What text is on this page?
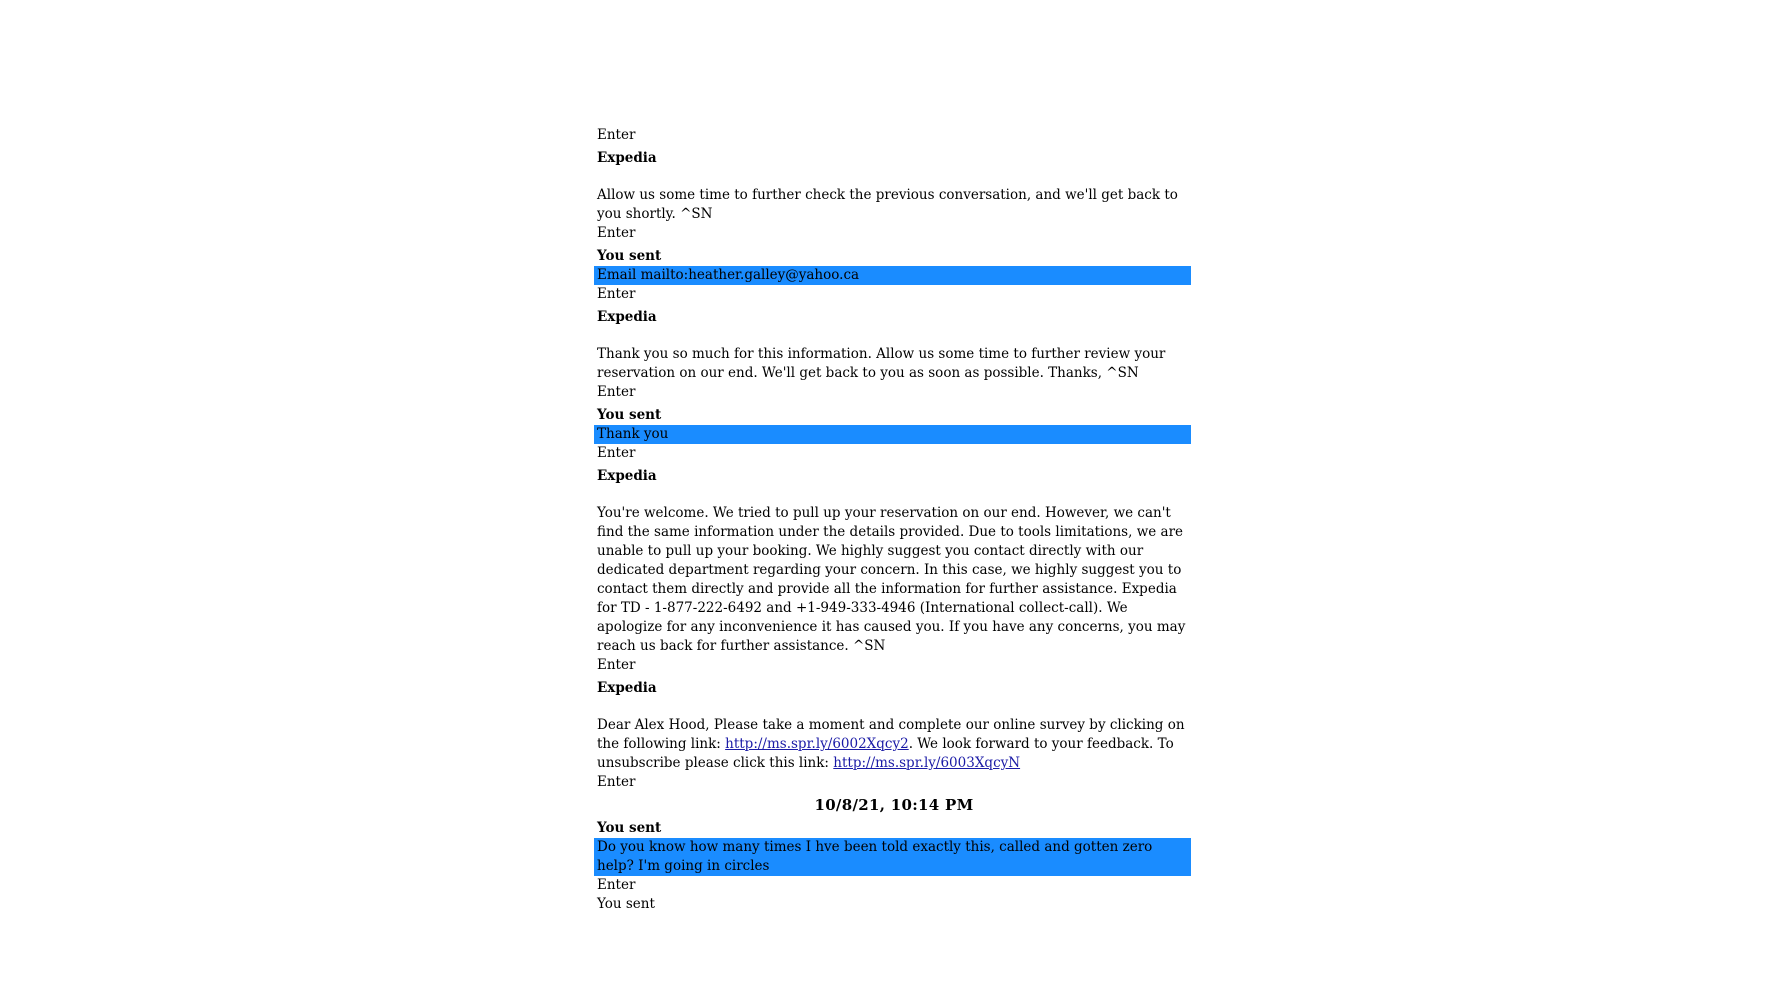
Enter
Expedia
Allow us some time to further check the previous conversation, and we'll get back to you shortly. ^SN
Enter
You sent
Email mailto:heather.galley@yahoo.ca
Enter
Expedia
Thank you so much for this information. Allow us some time to further review your reservation on our end. We'll get back to you as soon as possible. Thanks, ^SN
Enter
You sent
Thank you
Enter
Expedia
You're welcome. We tried to pull up your reservation on our end. However, we can't find the same information under the details provided. Due to tools limitations, we are unable to pull up your booking. We highly suggest you contact directly with our dedicated department regarding your concern. In this case, we highly suggest you to contact them directly and provide all the information for further assistance. Expedia for TD - 1-877-222-6492 and +1-949-333-4946 (International collect-call). We apologize for any inconvenience it has caused you. If you have any concerns, you may reach us back for further assistance. ^SN
Enter
Expedia
Dear Alex Hood, Please take a moment and complete our online survey by clicking on the following link: http://ms.spr.ly/6002Xqcy2. We look forward to your feedback. To unsubscribe please click this link: http://ms.spr.ly/6003XqcyN
Enter
10/8/21, 10:14 PM
You sent
Do you know how many times I hve been told exactly this, called and gotten zero help? I'm going in circles
Enter
You sent
